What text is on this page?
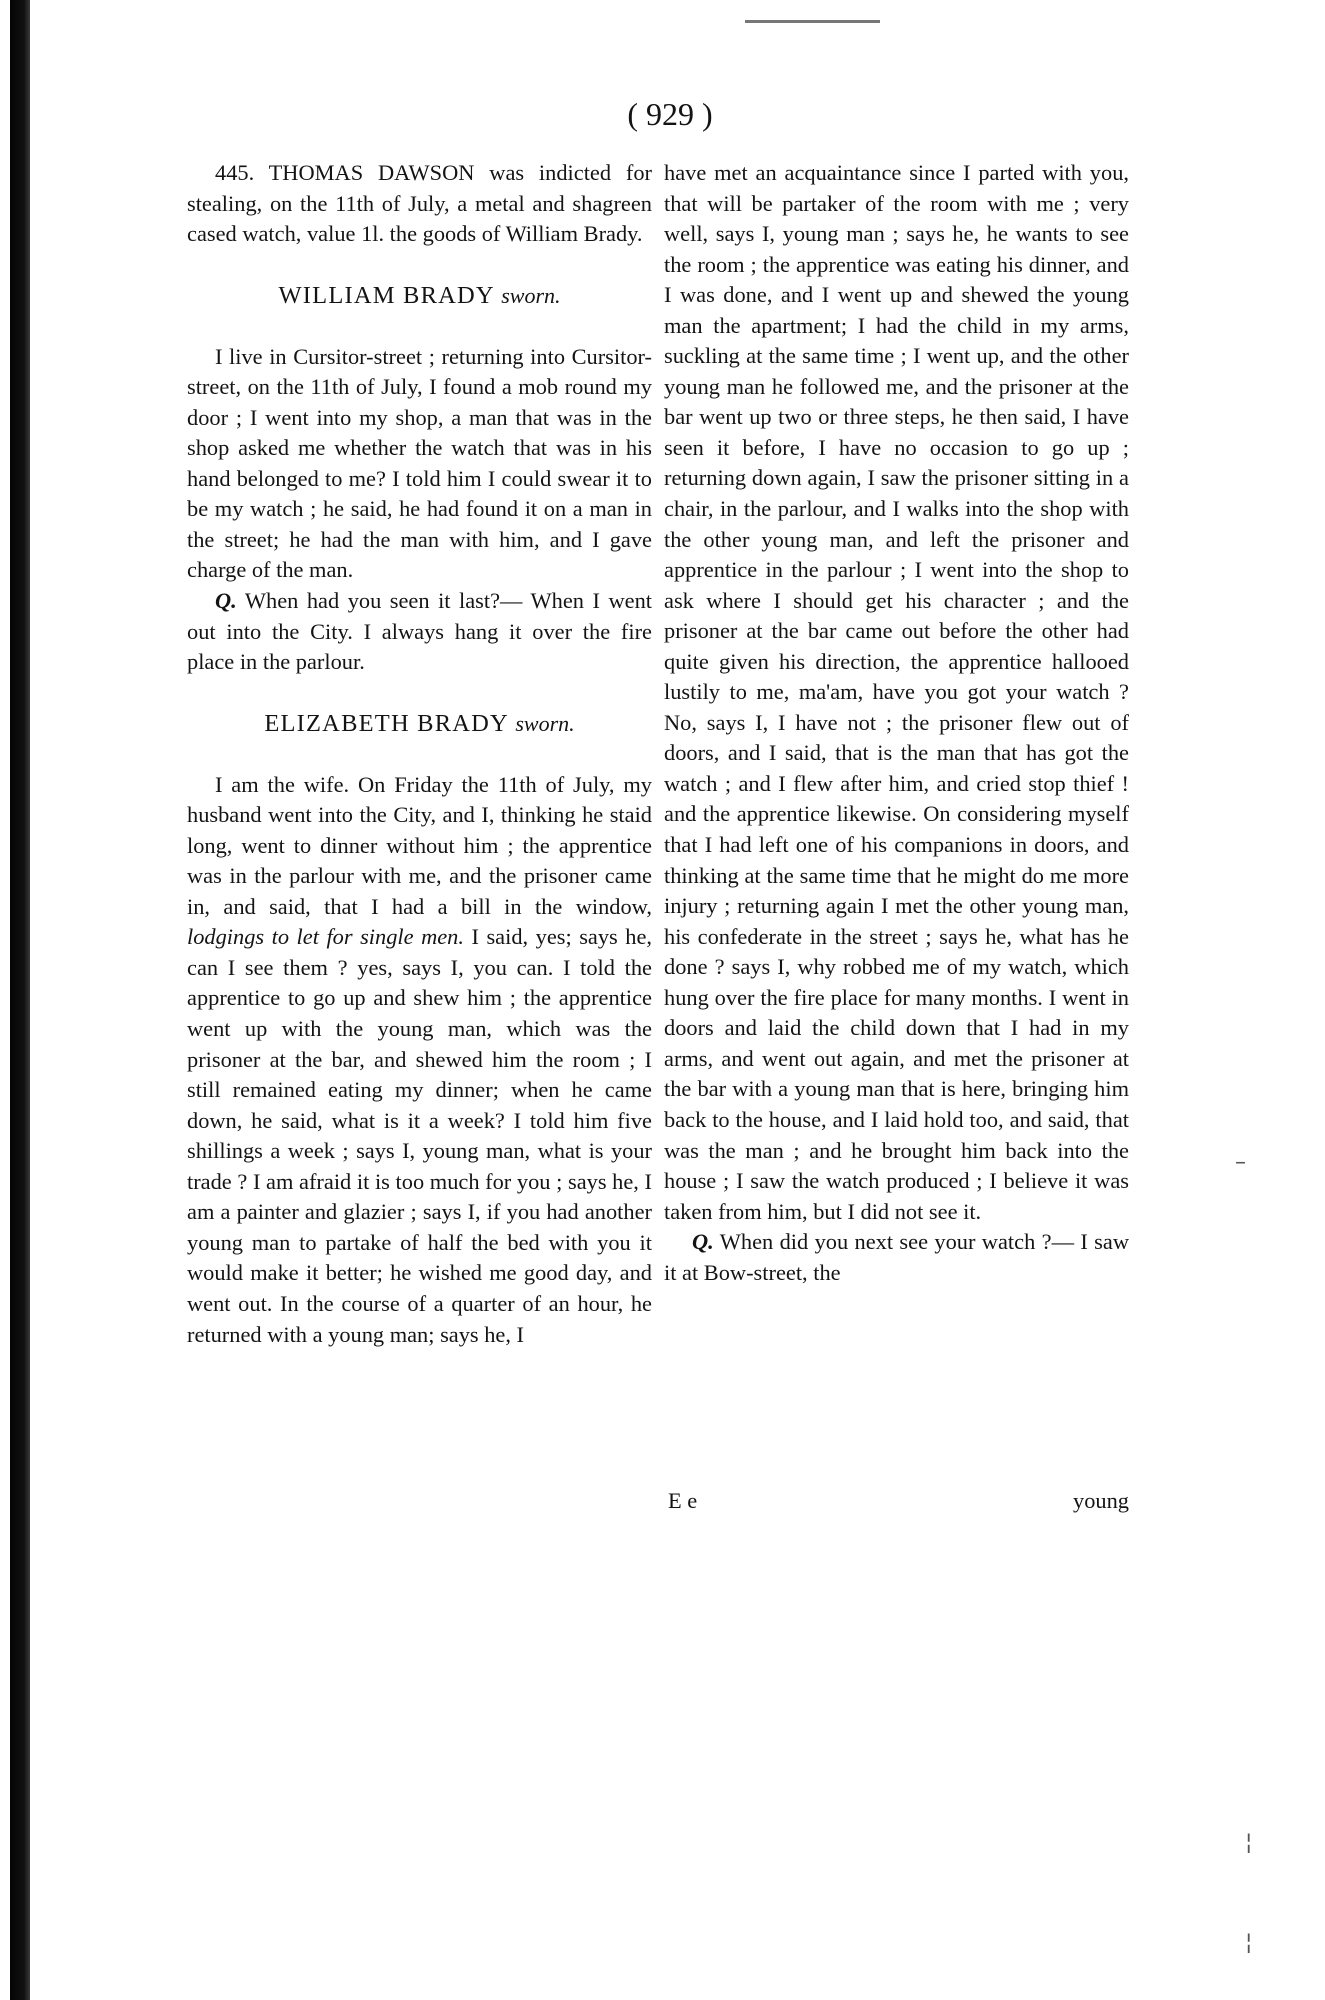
( 929 )

445. THOMAS DAWSON was indicted for stealing, on the 11th of July, a metal and shagreen cased watch, value 1l. the goods of William Brady.

WILLIAM BRADY sworn.

I live in Cursitor-street ; returning into Cursitor-street, on the 11th of July, I found a mob round my door ; I went into my shop, a man that was in the shop asked me whether the watch that was in his hand belonged to me? I told him I could swear it to be my watch ; he said, he had found it on a man in the street; he had the man with him, and I gave charge of the man.

Q. When had you seen it last?— When I went out into the City. I always hang it over the fire place in the parlour.

ELIZABETH BRADY sworn.

I am the wife. On Friday the 11th of July, my husband went into the City, and I, thinking he staid long, went to dinner without him ; the apprentice was in the parlour with me, and the prisoner came in, and said, that I had a bill in the window, lodgings to let for single men. I said, yes; says he, can I see them ? yes, says I, you can. I told the apprentice to go up and shew him ; the apprentice went up with the young man, which was the prisoner at the bar, and shewed him the room ; I still remained eating my dinner; when he came down, he said, what is it a week? I told him five shillings a week ; says I, young man, what is your trade ? I am afraid it is too much for you ; says he, I am a painter and glazier ; says I, if you had another young man to partake of half the bed with you it would make it better; he wished me good day, and went out. In the course of a quarter of an hour, he returned with a young man; says he, I

have met an acquaintance since I parted with you, that will be partaker of the room with me ; very well, says I, young man ; says he, he wants to see the room ; the apprentice was eating his dinner, and I was done, and I went up and shewed the young man the apartment; I had the child in my arms, suckling at the same time ; I went up, and the other young man he followed me, and the prisoner at the bar went up two or three steps, he then said, I have seen it before, I have no occasion to go up ; returning down again, I saw the prisoner sitting in a chair, in the parlour, and I walks into the shop with the other young man, and left the prisoner and apprentice in the parlour ; I went into the shop to ask where I should get his character ; and the prisoner at the bar came out before the other had quite given his direction, the apprentice hallooed lustily to me, ma'am, have you got your watch ? No, says I, I have not ; the prisoner flew out of doors, and I said, that is the man that has got the watch ; and I flew after him, and cried stop thief ! and the apprentice likewise. On considering myself that I had left one of his companions in doors, and thinking at the same time that he might do me more injury ; returning again I met the other young man, his confederate in the street ; says he, what has he done ? says I, why robbed me of my watch, which hung over the fire place for many months. I went in doors and laid the child down that I had in my arms, and went out again, and met the prisoner at the bar with a young man that is here, bringing him back to the house, and I laid hold too, and said, that was the man ; and he brought him back into the house ; I saw the watch produced ; I believe it was taken from him, but I did not see it.

Q. When did you next see your watch ?— I saw it at Bow-street, the

E e	young
–
¦
¦
